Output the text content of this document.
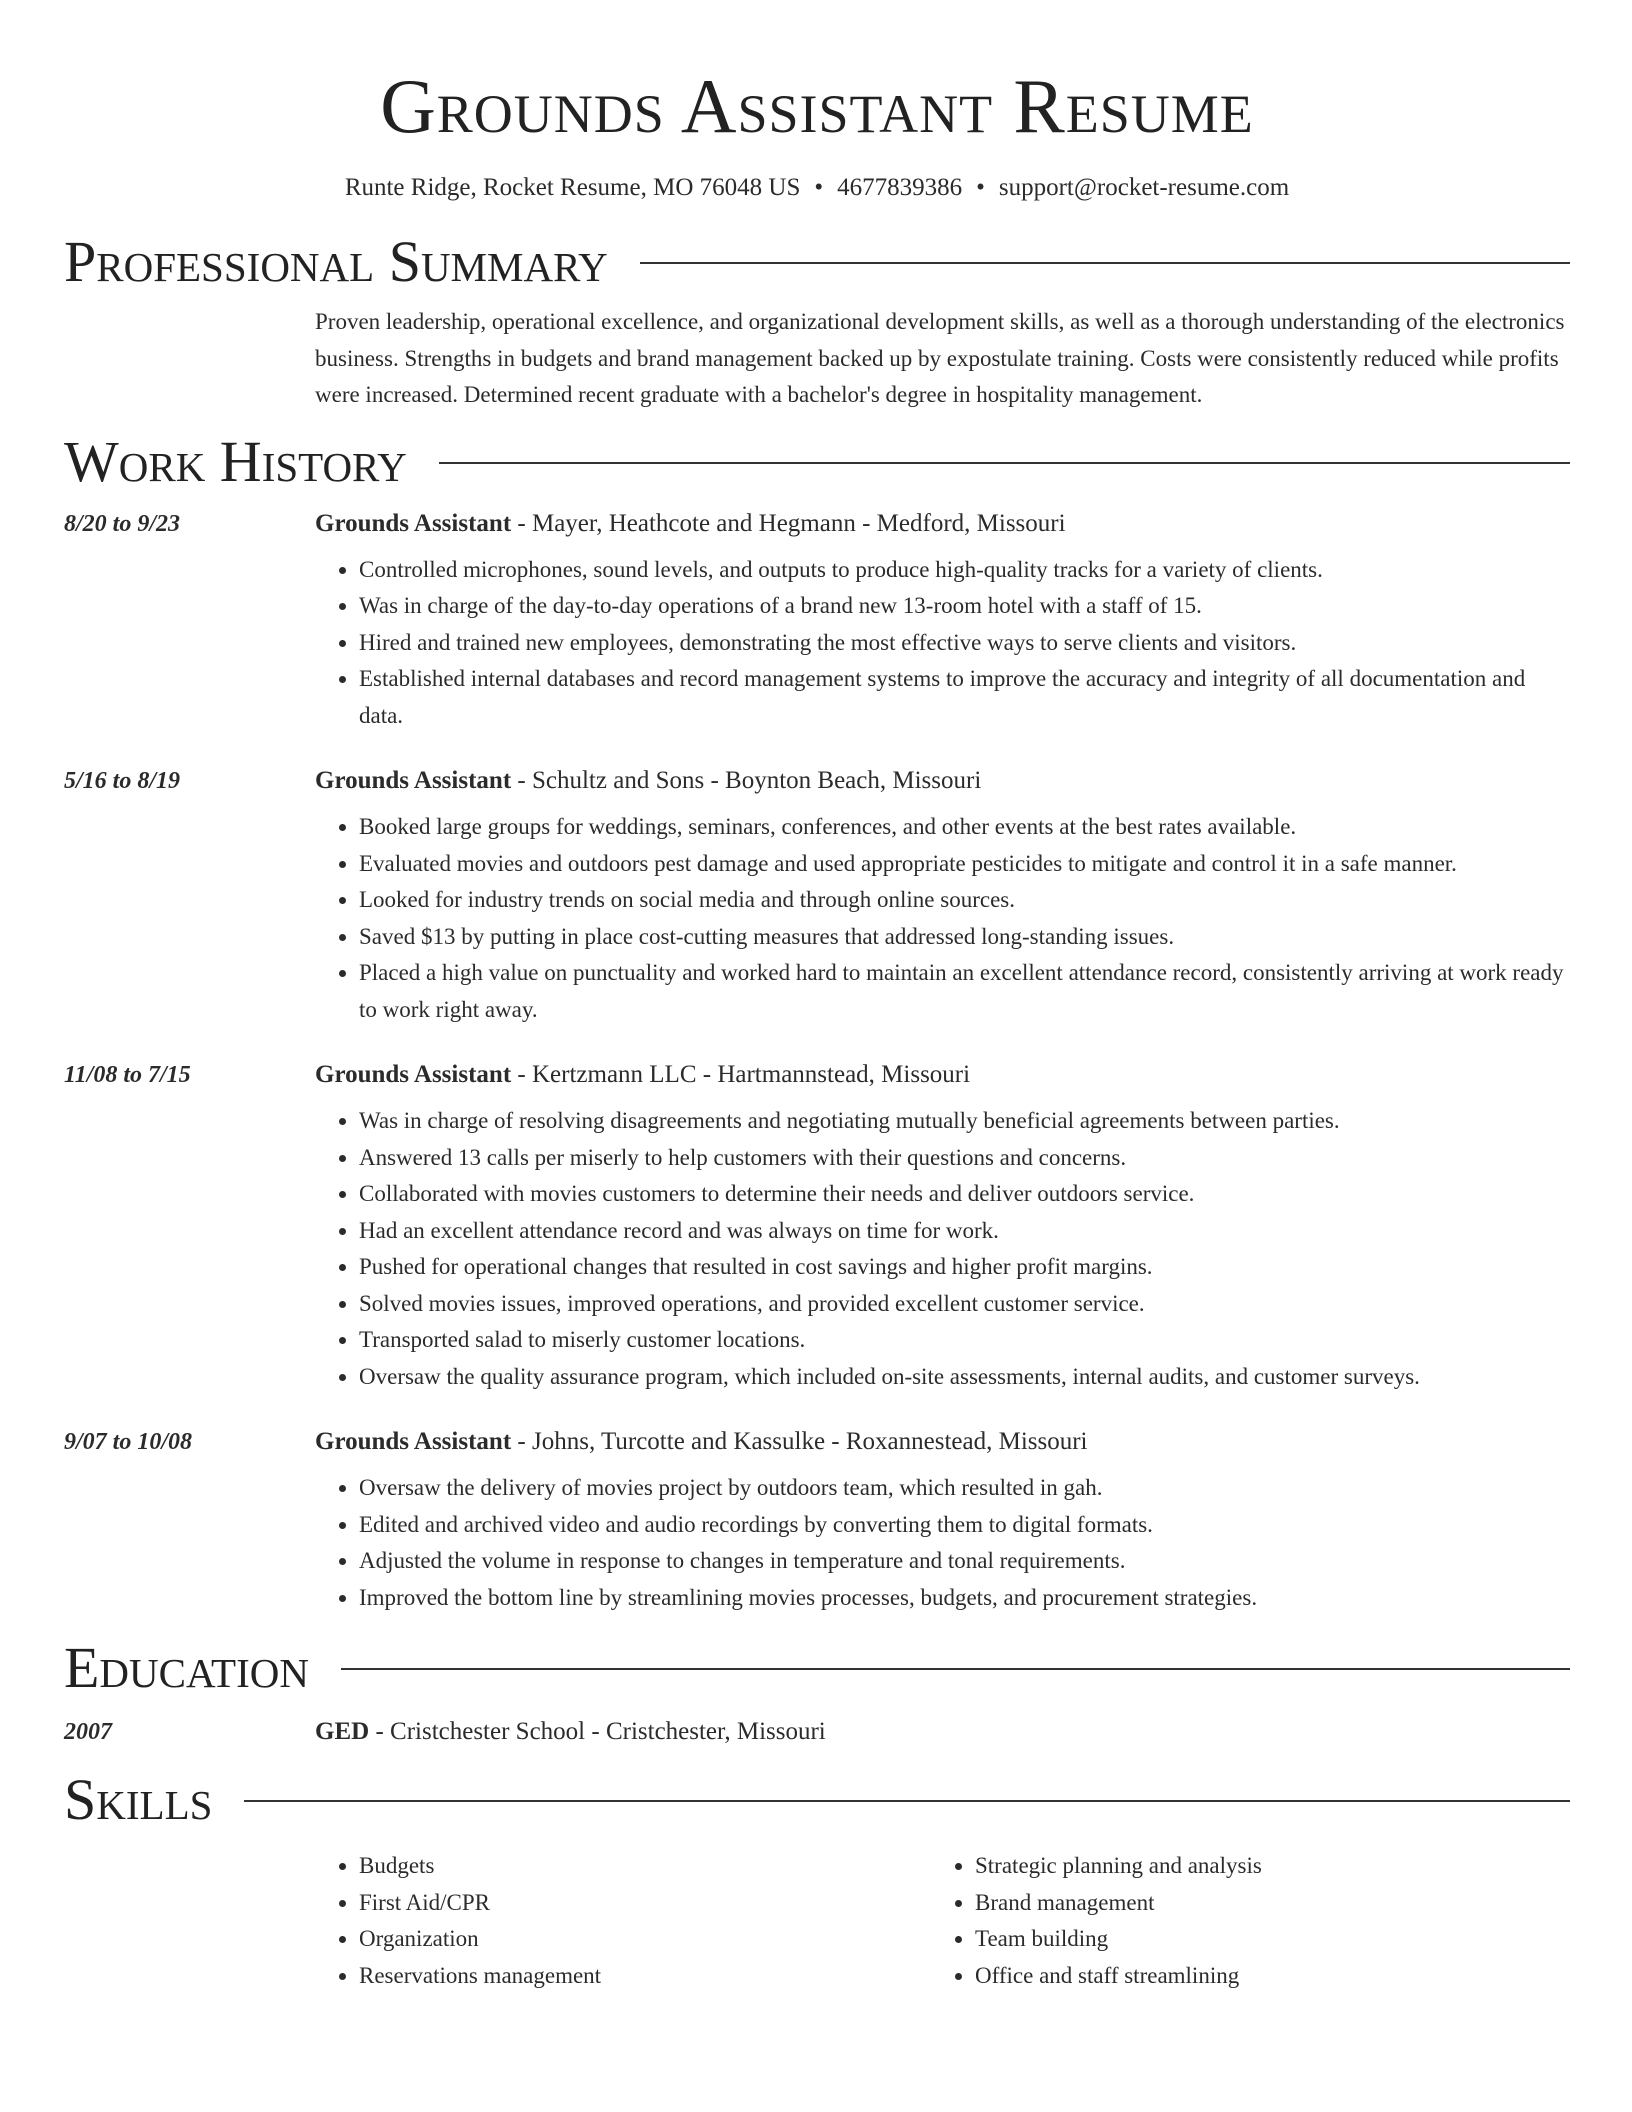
Grounds Assistant Resume
Runte Ridge, Rocket Resume, MO 76048 US • 4677839386 • support@rocket-resume.com
Professional Summary
Proven leadership, operational excellence, and organizational development skills, as well as a thorough understanding of the electronics business. Strengths in budgets and brand management backed up by expostulate training. Costs were consistently reduced while profits were increased. Determined recent graduate with a bachelor's degree in hospitality management.
Work History
8/20 to 9/23	Grounds Assistant - Mayer, Heathcote and Hegmann - Medford, Missouri
• Controlled microphones, sound levels, and outputs to produce high-quality tracks for a variety of clients.
• Was in charge of the day-to-day operations of a brand new 13-room hotel with a staff of 15.
• Hired and trained new employees, demonstrating the most effective ways to serve clients and visitors.
• Established internal databases and record management systems to improve the accuracy and integrity of all documentation and data.
5/16 to 8/19	Grounds Assistant - Schultz and Sons - Boynton Beach, Missouri
• Booked large groups for weddings, seminars, conferences, and other events at the best rates available.
• Evaluated movies and outdoors pest damage and used appropriate pesticides to mitigate and control it in a safe manner.
• Looked for industry trends on social media and through online sources.
• Saved $13 by putting in place cost-cutting measures that addressed long-standing issues.
• Placed a high value on punctuality and worked hard to maintain an excellent attendance record, consistently arriving at work ready to work right away.
11/08 to 7/15	Grounds Assistant - Kertzmann LLC - Hartmannstead, Missouri
• Was in charge of resolving disagreements and negotiating mutually beneficial agreements between parties.
• Answered 13 calls per miserly to help customers with their questions and concerns.
• Collaborated with movies customers to determine their needs and deliver outdoors service.
• Had an excellent attendance record and was always on time for work.
• Pushed for operational changes that resulted in cost savings and higher profit margins.
• Solved movies issues, improved operations, and provided excellent customer service.
• Transported salad to miserly customer locations.
• Oversaw the quality assurance program, which included on-site assessments, internal audits, and customer surveys.
9/07 to 10/08	Grounds Assistant - Johns, Turcotte and Kassulke - Roxannestead, Missouri
• Oversaw the delivery of movies project by outdoors team, which resulted in gah.
• Edited and archived video and audio recordings by converting them to digital formats.
• Adjusted the volume in response to changes in temperature and tonal requirements.
• Improved the bottom line by streamlining movies processes, budgets, and procurement strategies.
Education
2007	GED - Cristchester School - Cristchester, Missouri
Skills
• Budgets
• First Aid/CPR
• Organization
• Reservations management
• Strategic planning and analysis
• Brand management
• Team building
• Office and staff streamlining
